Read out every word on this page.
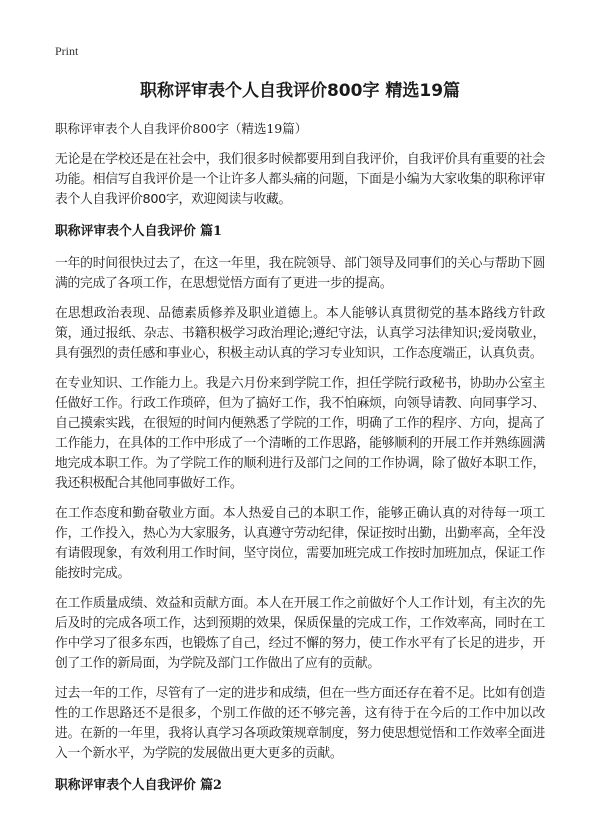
Print
职称评审表个人自我评价800字 精选19篇
职称评审表个人自我评价800字（精选19篇）

无论是在学校还是在社会中，我们很多时候都要用到自我评价，自我评价具有重要的社会功能。相信写自我评价是一个让许多人都头痛的问题，下面是小编为大家收集的职称评审表个人自我评价800字，欢迎阅读与收藏。

职称评审表个人自我评价 篇1

一年的时间很快过去了，在这一年里，我在院领导、部门领导及同事们的关心与帮助下圆满的完成了各项工作，在思想觉悟方面有了更进一步的提高。

在思想政治表现、品德素质修养及职业道德上。本人能够认真贯彻党的基本路线方针政策，通过报纸、杂志、书籍积极学习政治理论;遵纪守法，认真学习法律知识;爱岗敬业，具有强烈的责任感和事业心，积极主动认真的学习专业知识，工作态度端正，认真负责。

在专业知识、工作能力上。我是六月份来到学院工作，担任学院行政秘书，协助办公室主任做好工作。行政工作琐碎，但为了搞好工作，我不怕麻烦，向领导请教、向同事学习、自己摸索实践，在很短的时间内便熟悉了学院的工作，明确了工作的程序、方向，提高了工作能力，在具体的工作中形成了一个清晰的工作思路，能够顺利的开展工作并熟练圆满地完成本职工作。为了学院工作的顺利进行及部门之间的工作协调，除了做好本职工作，我还积极配合其他同事做好工作。

在工作态度和勤奋敬业方面。本人热爱自己的本职工作，能够正确认真的对待每一项工作，工作投入，热心为大家服务，认真遵守劳动纪律，保证按时出勤，出勤率高，全年没有请假现象，有效利用工作时间，坚守岗位，需要加班完成工作按时加班加点，保证工作能按时完成。

在工作质量成绩、效益和贡献方面。本人在开展工作之前做好个人工作计划，有主次的先后及时的完成各项工作，达到预期的效果，保质保量的完成工作，工作效率高，同时在工作中学习了很多东西，也锻炼了自己，经过不懈的努力，使工作水平有了长足的进步，开创了工作的新局面，为学院及部门工作做出了应有的贡献。

过去一年的工作，尽管有了一定的进步和成绩，但在一些方面还存在着不足。比如有创造性的工作思路还不是很多，个别工作做的还不够完善，这有待于在今后的工作中加以改进。在新的一年里，我将认真学习各项政策规章制度，努力使思想觉悟和工作效率全面进入一个新水平，为学院的发展做出更大更多的贡献。

职称评审表个人自我评价 篇2
